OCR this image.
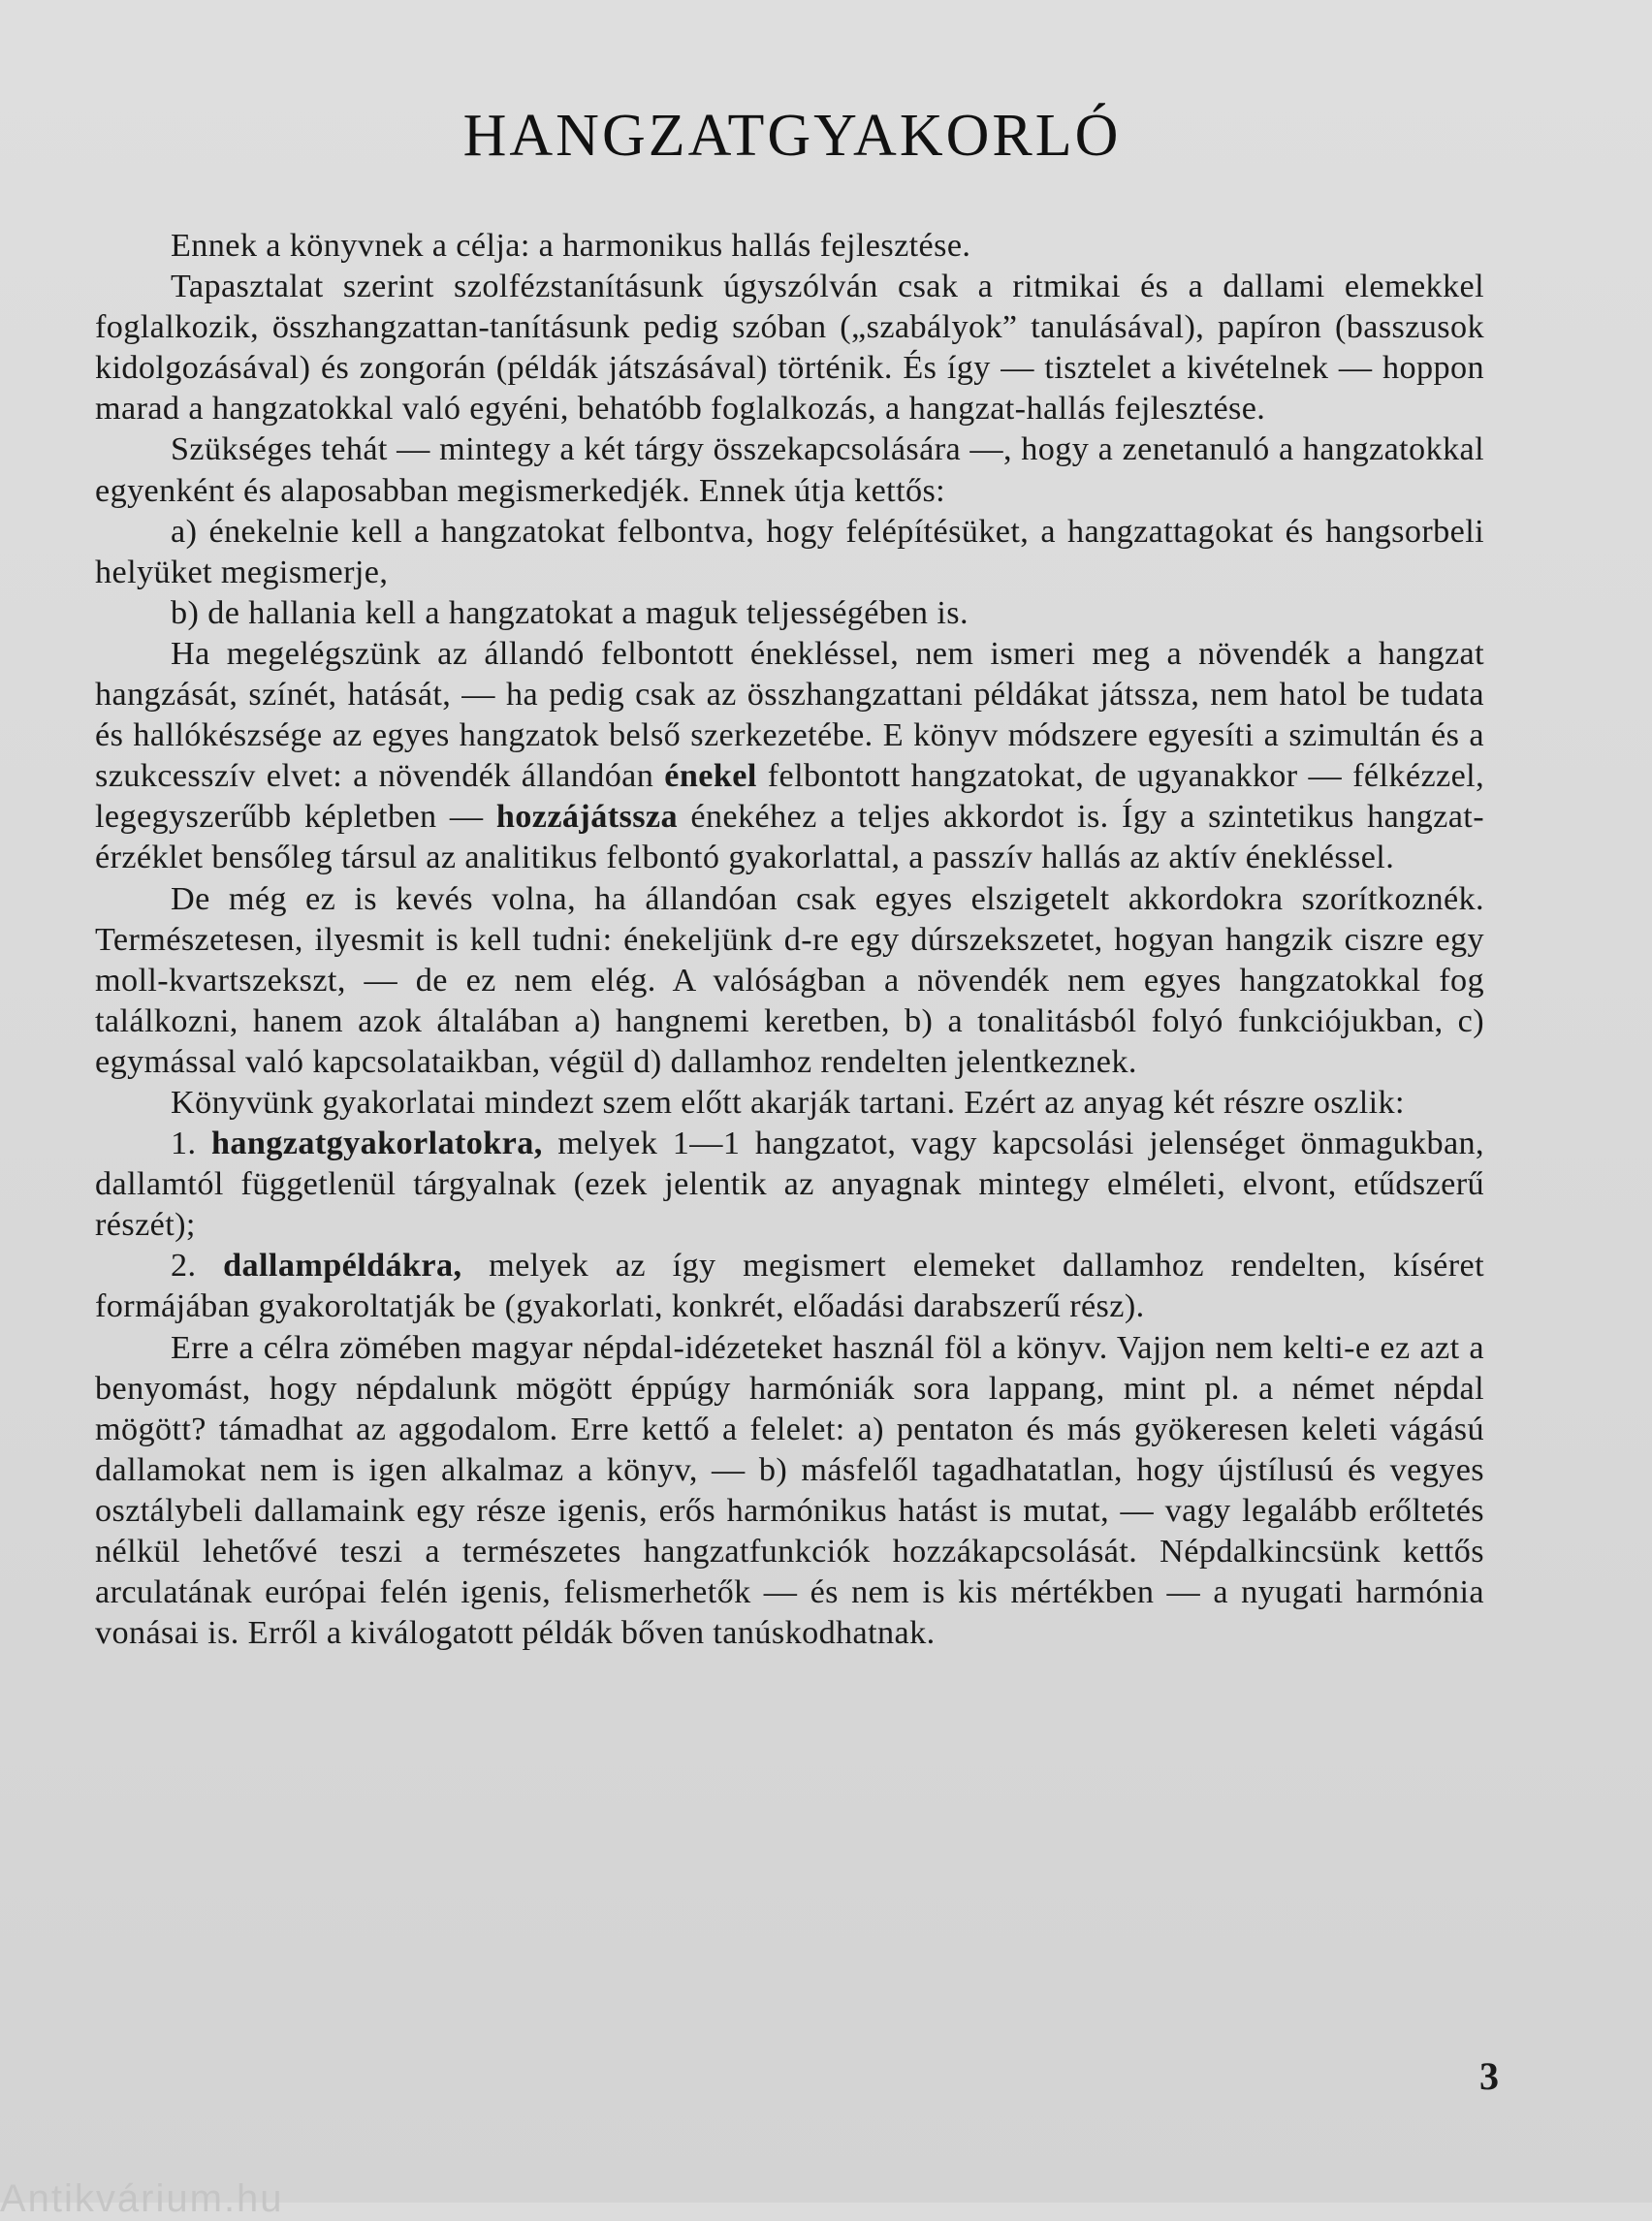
HANGZATGYAKORLÓ

Ennek a könyvnek a célja: a harmonikus hallás fejlesztése.

Tapasztalat szerint szolfézstanításunk úgyszólván csak a ritmikai és a dallami elemekkel foglalkozik, összhangzattan-tanításunk pedig szóban („szabályok” tanulásával), papíron (basszusok kidolgozásával) és zongorán (példák játszásával) történik. És így — tisztelet a kivételnek — hoppon marad a hangzatokkal való egyéni, behatóbb foglalkozás, a hangzat-hallás fejlesztése.

Szükséges tehát — mintegy a két tárgy összekapcsolására —, hogy a zenetanuló a hangzatokkal egyenként és alaposabban megismerkedjék. Ennek útja kettős:

a) énekelnie kell a hangzatokat felbontva, hogy felépítésüket, a hangzattagokat és hangsorbeli helyüket megismerje,

b) de hallania kell a hangzatokat a maguk teljességében is.

Ha megelégszünk az állandó felbontott énekléssel, nem ismeri meg a növendék a hangzat hangzását, színét, hatását, — ha pedig csak az összhangzattani példákat játssza, nem hatol be tudata és hallókészsége az egyes hangzatok belső szerkezetébe. E könyv módszere egyesíti a szimultán és a szukcesszív elvet: a növendék állandóan énekel felbontott hangzatokat, de ugyanakkor — félkézzel, legegyszerűbb képletben — hozzájátssza énekéhez a teljes akkordot is. Így a szintetikus hangzat-érzéklet bensőleg társul az analitikus felbontó gyakorlattal, a passzív hallás az aktív énekléssel.

De még ez is kevés volna, ha állandóan csak egyes elszigetelt akkordokra szorítkoznék. Természetesen, ilyesmit is kell tudni: énekeljünk d-re egy dúrszekszetet, hogyan hangzik ciszre egy moll-kvartszekszt, — de ez nem elég. A valóságban a növendék nem egyes hangzatokkal fog találkozni, hanem azok általában a) hangnemi keretben, b) a tonalitásból folyó funkciójukban, c) egymással való kapcsolataikban, végül d) dallamhoz rendelten jelentkeznek.

Könyvünk gyakorlatai mindezt szem előtt akarják tartani. Ezért az anyag két részre oszlik:

1. hangzatgyakorlatokra, melyek 1—1 hangzatot, vagy kapcsolási jelenséget önmagukban, dallamtól függetlenül tárgyalnak (ezek jelentik az anyagnak mintegy elméleti, elvont, etűdszerű részét);

2. dallampéldákra, melyek az így megismert elemeket dallamhoz rendelten, kíséret formájában gyakoroltatják be (gyakorlati, konkrét, előadási darabszerű rész).

Erre a célra zömében magyar népdal-idézeteket használ föl a könyv. Vajjon nem kelti-e ez azt a benyomást, hogy népdalunk mögött éppúgy harmóniák sora lappang, mint pl. a német népdal mögött? támadhat az aggodalom. Erre kettő a felelet: a) pentaton és más gyökeresen keleti vágású dallamokat nem is igen alkalmaz a könyv, — b) másfelől tagadhatatlan, hogy újstílusú és vegyes osztálybeli dallamaink egy része igenis, erős harmónikus hatást is mutat, — vagy legalább erőltetés nélkül lehetővé teszi a természetes hangzatfunkciók hozzákapcsolását. Népdalkincsünk kettős arculatának európai felén igenis, felismerhetők — és nem is kis mértékben — a nyugati harmónia vonásai is. Erről a kiválogatott példák bőven tanúskodhatnak.

3
Antikvárium.hu
